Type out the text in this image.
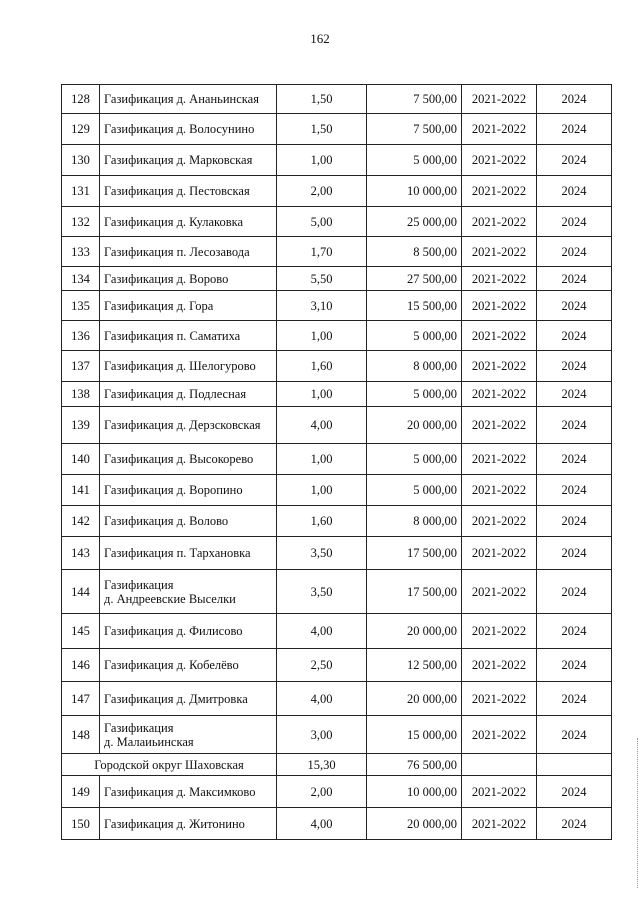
162
128	Газификация д. Ананьинская	1,50	7 500,00	2021-2022	2024
129	Газификация д. Волосунино	1,50	7 500,00	2021-2022	2024
130	Газификация д. Марковская	1,00	5 000,00	2021-2022	2024
131	Газификация д. Пестовская	2,00	10 000,00	2021-2022	2024
132	Газификация д. Кулаковка	5,00	25 000,00	2021-2022	2024
133	Газификация п. Лесозавода	1,70	8 500,00	2021-2022	2024
134	Газификация д. Ворово	5,50	27 500,00	2021-2022	2024
135	Газификация д. Гора	3,10	15 500,00	2021-2022	2024
136	Газификация п. Саматиха	1,00	5 000,00	2021-2022	2024
137	Газификация д. Шелогурово	1,60	8 000,00	2021-2022	2024
138	Газификация д. Подлесная	1,00	5 000,00	2021-2022	2024
139	Газификация д. Дерзсковская	4,00	20 000,00	2021-2022	2024
140	Газификация д. Высокорево	1,00	5 000,00	2021-2022	2024
141	Газификация д. Воропино	1,00	5 000,00	2021-2022	2024
142	Газификация д. Волово	1,60	8 000,00	2021-2022	2024
143	Газификация п. Тархановка	3,50	17 500,00	2021-2022	2024
144	Газификация
д. Андреевские Выселки	3,50	17 500,00	2021-2022	2024
145	Газификация д. Филисово	4,00	20 000,00	2021-2022	2024
146	Газификация д. Кобелёво	2,50	12 500,00	2021-2022	2024
147	Газификация д. Дмитровка	4,00	20 000,00	2021-2022	2024
148	Газификация
д. Малаиьинская	3,00	15 000,00	2021-2022	2024
Городской округ Шаховская		15,30	76 500,00		
149	Газификация д. Максимково	2,00	10 000,00	2021-2022	2024
150	Газификация д. Житонино	4,00	20 000,00	2021-2022	2024
